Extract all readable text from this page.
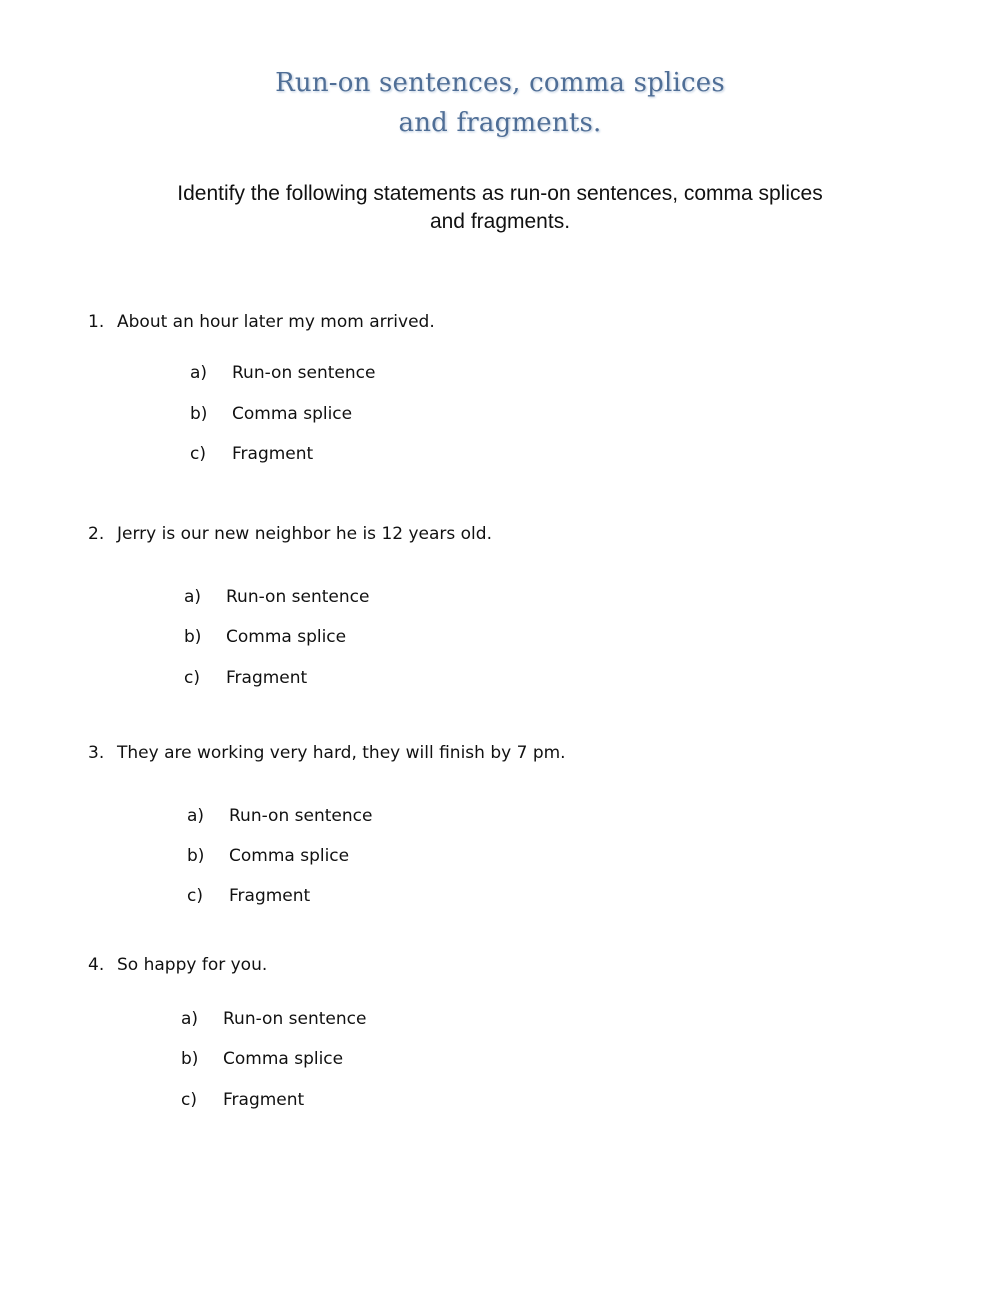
Run-on sentences, comma splices
and fragments.
Identify the following statements as run-on sentences, comma splices
and fragments.
1. About an hour later my mom arrived.
a) Run-on sentence
b) Comma splice
c) Fragment
2. Jerry is our new neighbor he is 12 years old.
a) Run-on sentence
b) Comma splice
c) Fragment
3. They are working very hard, they will finish by 7 pm.
a) Run-on sentence
b) Comma splice
c) Fragment
4. So happy for you.
a) Run-on sentence
b) Comma splice
c) Fragment
